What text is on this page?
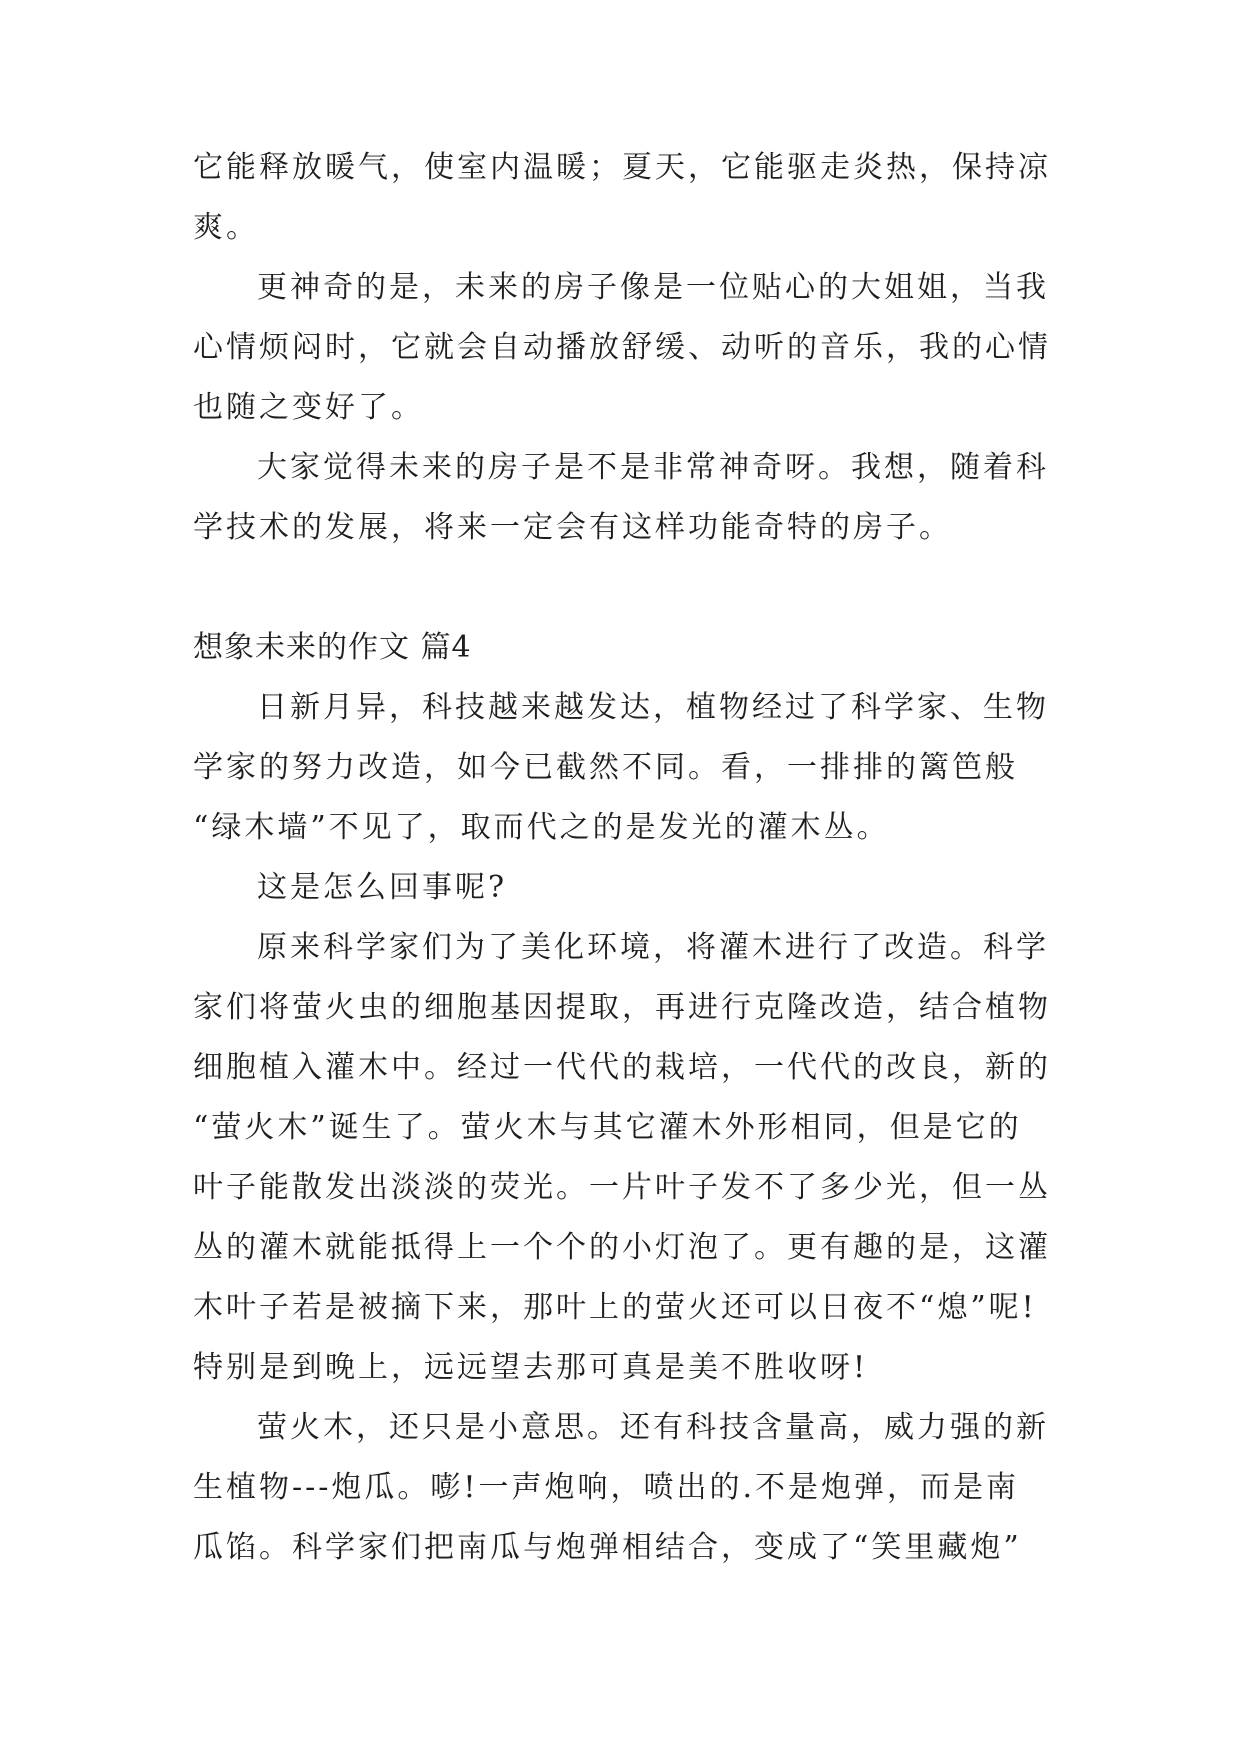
它能释放暖气，使室内温暖；夏天，它能驱走炎热，保持凉
爽。
更神奇的是，未来的房子像是一位贴心的大姐姐，当我
心情烦闷时，它就会自动播放舒缓、动听的音乐，我的心情
也随之变好了。
大家觉得未来的房子是不是非常神奇呀。我想，随着科
学技术的发展，将来一定会有这样功能奇特的房子。
想象未来的作文 篇4
日新月异，科技越来越发达，植物经过了科学家、生物
学家的努力改造，如今已截然不同。看，一排排的篱笆般
“绿木墙”不见了，取而代之的是发光的灌木丛。
这是怎么回事呢?
原来科学家们为了美化环境，将灌木进行了改造。科学
家们将萤火虫的细胞基因提取，再进行克隆改造，结合植物
细胞植入灌木中。经过一代代的栽培，一代代的改良，新的
“萤火木”诞生了。萤火木与其它灌木外形相同，但是它的
叶子能散发出淡淡的荧光。一片叶子发不了多少光，但一丛
丛的灌木就能抵得上一个个的小灯泡了。更有趣的是，这灌
木叶子若是被摘下来，那叶上的萤火还可以日夜不“熄”呢!
特别是到晚上，远远望去那可真是美不胜收呀!
萤火木，还只是小意思。还有科技含量高，威力强的新
生植物---炮瓜。嘭!一声炮响，喷出的.不是炮弹，而是南
瓜馅。科学家们把南瓜与炮弹相结合，变成了“笑里藏炮”
